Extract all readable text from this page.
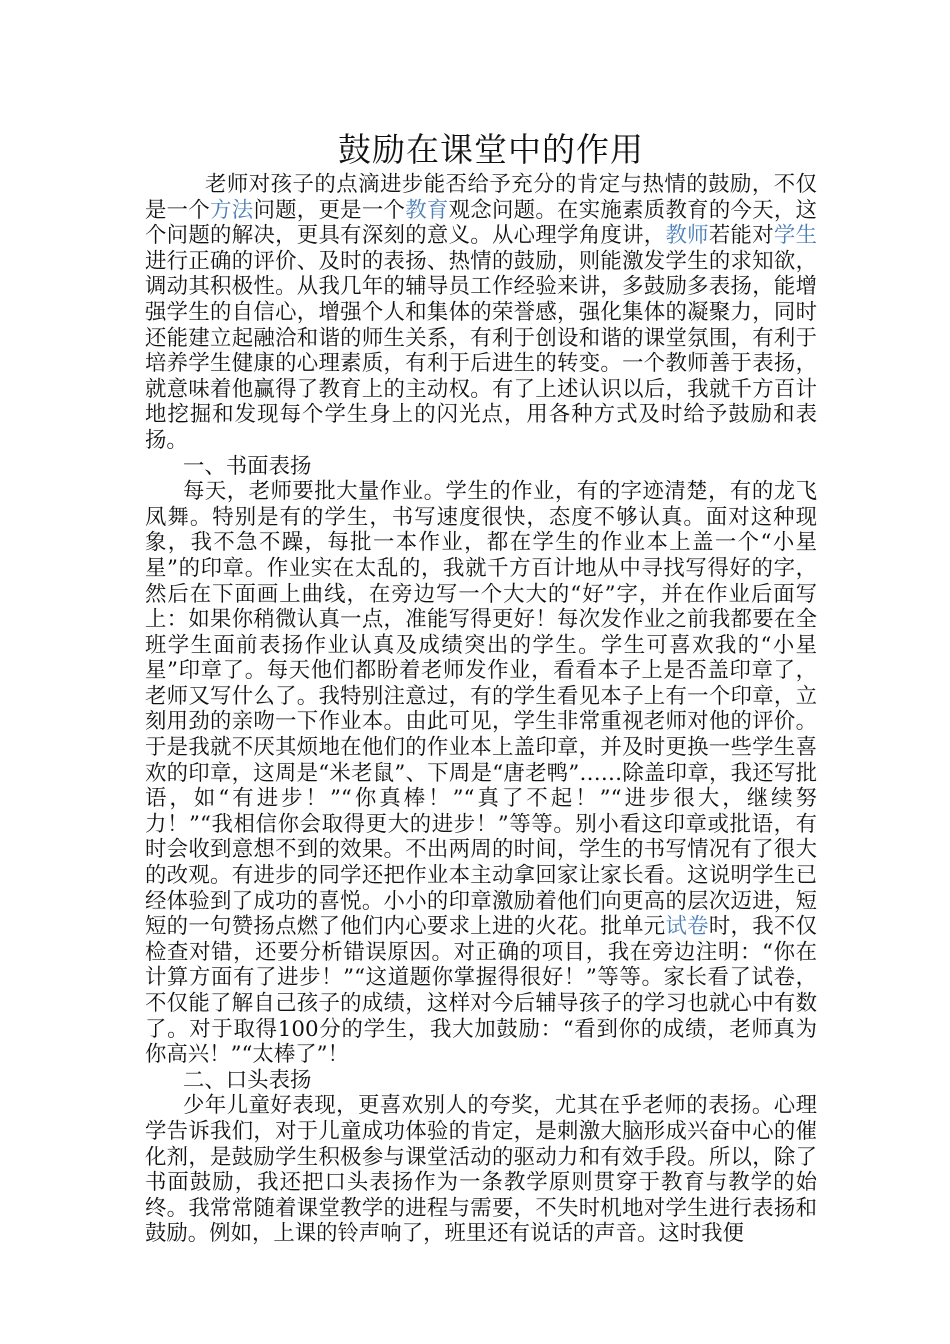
鼓励在课堂中的作用

老师对孩子的点滴进步能否给予充分的肯定与热情的鼓励，不仅是一个方法问题，更是一个教育观念问题。在实施素质教育的今天，这个问题的解决，更具有深刻的意义。从心理学角度讲，教师若能对学生进行正确的评价、及时的表扬、热情的鼓励，则能激发学生的求知欲，调动其积极性。从我几年的辅导员工作经验来讲，多鼓励多表扬，能增强学生的自信心，增强个人和集体的荣誉感，强化集体的凝聚力，同时还能建立起融洽和谐的师生关系，有利于创设和谐的课堂氛围，有利于培养学生健康的心理素质，有利于后进生的转变。一个教师善于表扬，就意味着他赢得了教育上的主动权。有了上述认识以后，我就千方百计地挖掘和发现每个学生身上的闪光点，用各种方式及时给予鼓励和表扬。

一、书面表扬

每天，老师要批大量作业。学生的作业，有的字迹清楚，有的龙飞凤舞。特别是有的学生，书写速度很快，态度不够认真。面对这种现象，我不急不躁，每批一本作业，都在学生的作业本上盖一个“小星星”的印章。作业实在太乱的，我就千方百计地从中寻找写得好的字，然后在下面画上曲线，在旁边写一个大大的“好”字，并在作业后面写上：如果你稍微认真一点，准能写得更好！每次发作业之前我都要在全班学生面前表扬作业认真及成绩突出的学生。学生可喜欢我的“小星星”印章了。每天他们都盼着老师发作业，看看本子上是否盖印章了，老师又写什么了。我特别注意过，有的学生看见本子上有一个印章，立刻用劲的亲吻一下作业本。由此可见，学生非常重视老师对他的评价。于是我就不厌其烦地在他们的作业本上盖印章，并及时更换一些学生喜欢的印章，这周是“米老鼠”、下周是“唐老鸭”……除盖印章，我还写批语，如“有进步！”“你真棒！”“真了不起！”“进步很大，继续努力！”“我相信你会取得更大的进步！”等等。别小看这印章或批语，有时会收到意想不到的效果。不出两周的时间，学生的书写情况有了很大的改观。有进步的同学还把作业本主动拿回家让家长看。这说明学生已经体验到了成功的喜悦。小小的印章激励着他们向更高的层次迈进，短短的一句赞扬点燃了他们内心要求上进的火花。批单元试卷时，我不仅检查对错，还要分析错误原因。对正确的项目，我在旁边注明：“你在计算方面有了进步！”“这道题你掌握得很好！”等等。家长看了试卷，不仅能了解自己孩子的成绩，这样对今后辅导孩子的学习也就心中有数了。对于取得100分的学生，我大加鼓励：“看到你的成绩，老师真为你高兴！”“太棒了”！

二、口头表扬

少年儿童好表现，更喜欢别人的夸奖，尤其在乎老师的表扬。心理学告诉我们，对于儿童成功体验的肯定，是刺激大脑形成兴奋中心的催化剂，是鼓励学生积极参与课堂活动的驱动力和有效手段。所以，除了书面鼓励，我还把口头表扬作为一条教学原则贯穿于教育与教学的始终。我常常随着课堂教学的进程与需要，不失时机地对学生进行表扬和鼓励。例如，上课的铃声响了，班里还有说话的声音。这时我便
